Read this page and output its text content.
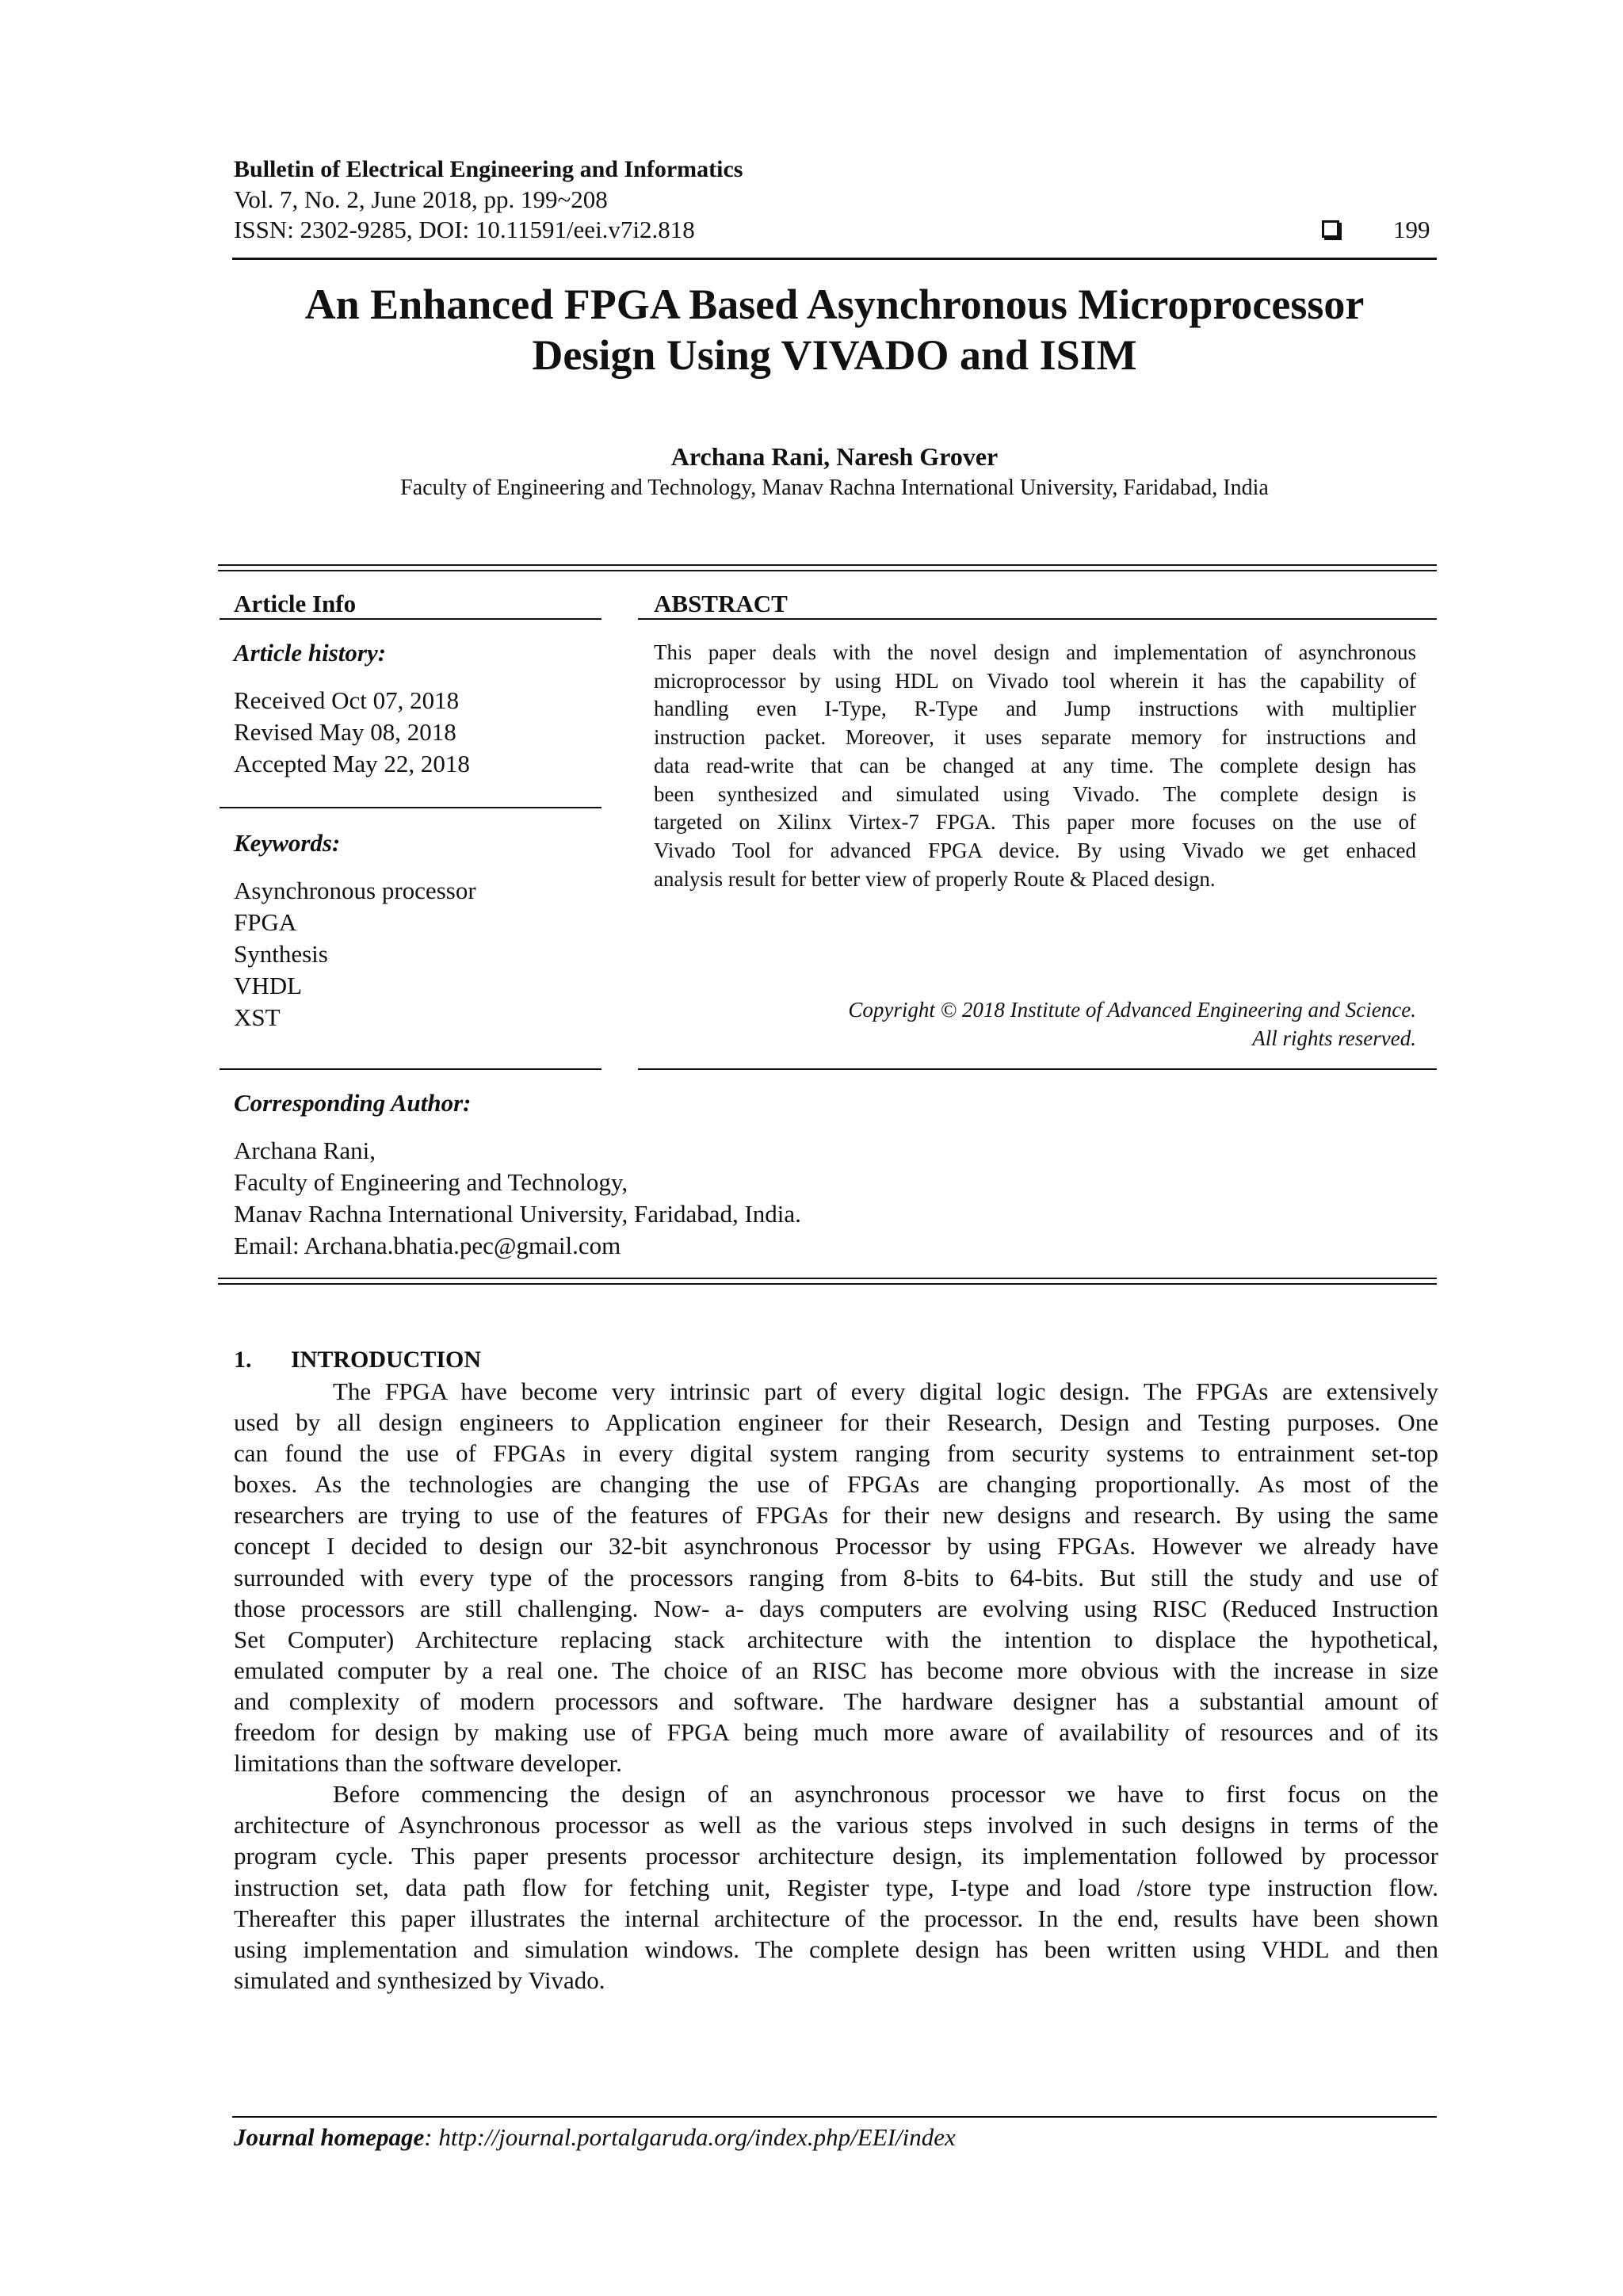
Bulletin of Electrical Engineering and Informatics
Vol. 7, No. 2, June 2018, pp. 199~208
ISSN: 2302-9285, DOI: 10.11591/eei.v7i2.818	199
An Enhanced FPGA Based Asynchronous Microprocessor
Design Using VIVADO and ISIM
Archana Rani, Naresh Grover
Faculty of Engineering and Technology, Manav Rachna International University, Faridabad, India
Article Info
Article history:
Received Oct 07, 2018
Revised May 08, 2018
Accepted May 22, 2018
Keywords:
Asynchronous processor
FPGA
Synthesis
VHDL
XST
ABSTRACT
This paper deals with the novel design and implementation of asynchronous
microprocessor by using HDL on Vivado tool wherein it has the capability of
handling even I-Type, R-Type and Jump instructions with multiplier
instruction packet. Moreover, it uses separate memory for instructions and
data read-write that can be changed at any time. The complete design has
been synthesized and simulated using Vivado. The complete design is
targeted on Xilinx Virtex-7 FPGA. This paper more focuses on the use of
Vivado Tool for advanced FPGA device. By using Vivado we get enhaced
analysis result for better view of properly Route & Placed design.
Copyright © 2018 Institute of Advanced Engineering and Science.
All rights reserved.
Corresponding Author:
Archana Rani,
Faculty of Engineering and Technology,
Manav Rachna International University, Faridabad, India.
Email: Archana.bhatia.pec@gmail.com
1. INTRODUCTION
The FPGA have become very intrinsic part of every digital logic design. The FPGAs are extensively
used by all design engineers to Application engineer for their Research, Design and Testing purposes. One
can found the use of FPGAs in every digital system ranging from security systems to entrainment set-top
boxes. As the technologies are changing the use of FPGAs are changing proportionally. As most of the
researchers are trying to use of the features of FPGAs for their new designs and research. By using the same
concept I decided to design our 32-bit asynchronous Processor by using FPGAs. However we already have
surrounded with every type of the processors ranging from 8-bits to 64-bits. But still the study and use of
those processors are still challenging. Now- a- days computers are evolving using RISC (Reduced Instruction
Set Computer) Architecture replacing stack architecture with the intention to displace the hypothetical,
emulated computer by a real one. The choice of an RISC has become more obvious with the increase in size
and complexity of modern processors and software. The hardware designer has a substantial amount of
freedom for design by making use of FPGA being much more aware of availability of resources and of its
limitations than the software developer.
Before commencing the design of an asynchronous processor we have to first focus on the
architecture of Asynchronous processor as well as the various steps involved in such designs in terms of the
program cycle. This paper presents processor architecture design, its implementation followed by processor
instruction set, data path flow for fetching unit, Register type, I-type and load /store type instruction flow.
Thereafter this paper illustrates the internal architecture of the processor. In the end, results have been shown
using implementation and simulation windows. The complete design has been written using VHDL and then
simulated and synthesized by Vivado.
Journal homepage: http://journal.portalgaruda.org/index.php/EEI/index
